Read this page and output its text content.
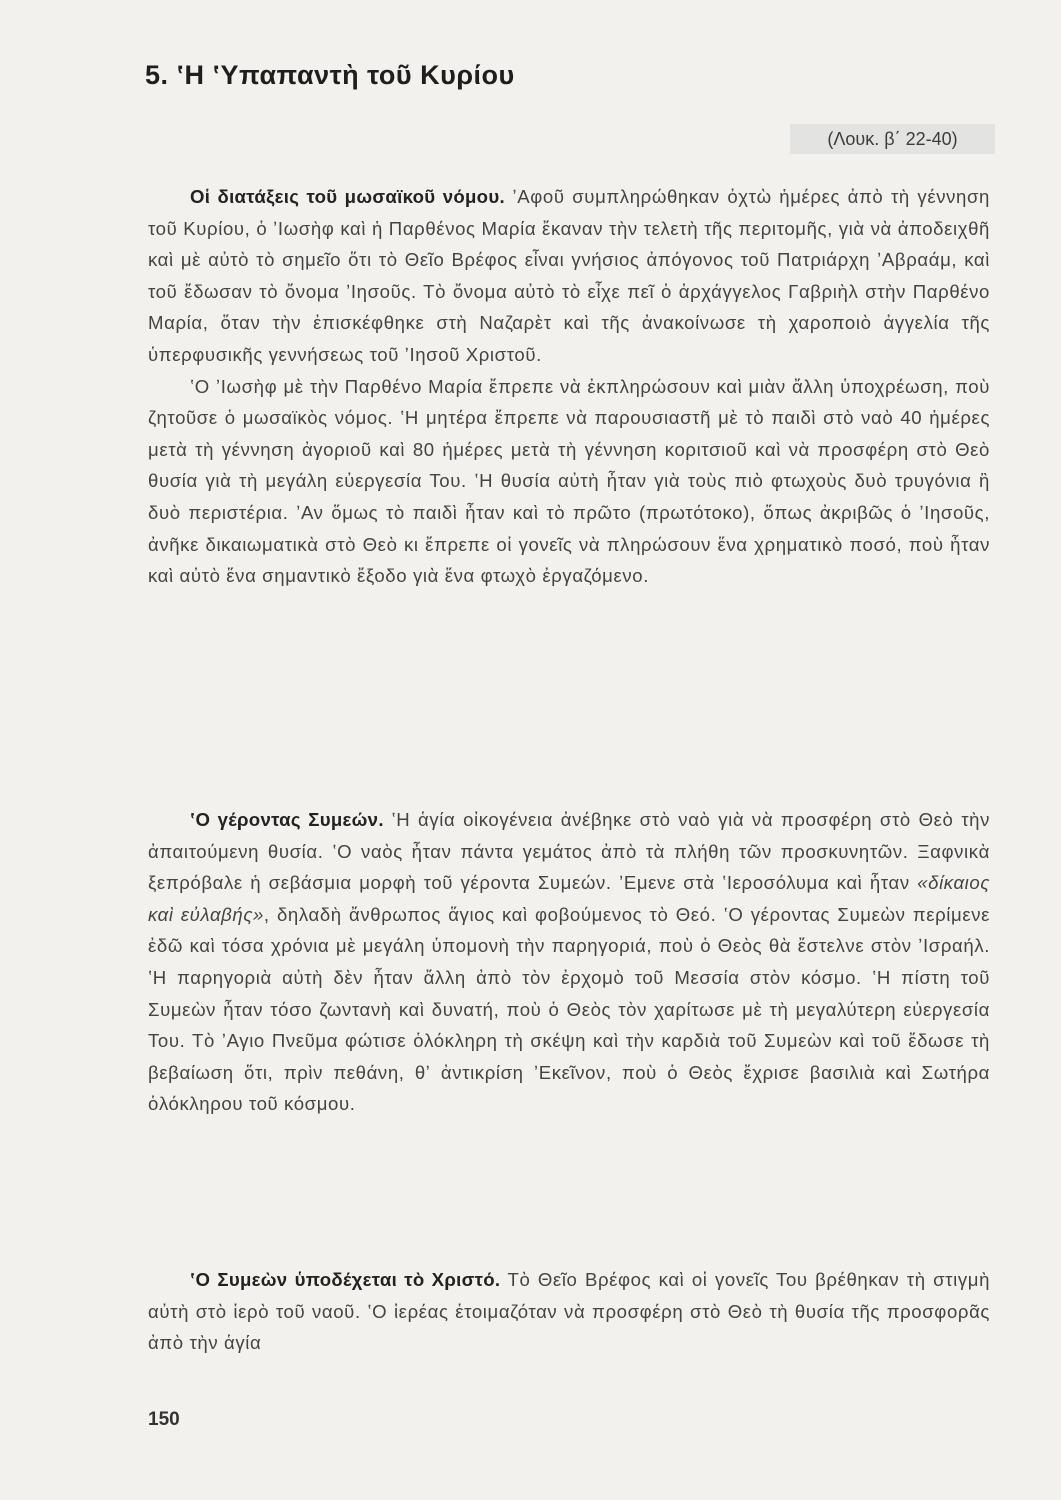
5. ʽΗ ʽΥπαπαντὴ τοῦ Κυρίου
(Λουκ. β΄ 22-40)

Οἱ διατάξεις τοῦ μωσαϊκοῦ νόμου. ʼΑφοῦ συμπληρώθηκαν ὀχτὼ ἡμέρες ἀπὸ τὴ γέννηση τοῦ Κυρίου, ὁ ʼΙωσὴφ καὶ ἡ Παρθένος Μαρία ἔκαναν τὴν τελετὴ τῆς περιτομῆς, γιὰ νὰ ἀποδειχθῆ καὶ μὲ αὐτὸ τὸ σημεῖο ὅτι τὸ Θεῖο Βρέφος εἶναι γνήσιος ἀπόγονος τοῦ Πατριάρχη ʼΑβραάμ, καὶ τοῦ ἔδωσαν τὸ ὄνομα ʼΙησοῦς. Τὸ ὄνομα αὐτὸ τὸ εἶχε πεῖ ὁ ἀρχάγγελος Γαβριὴλ στὴν Παρθένο Μαρία, ὅταν τὴν ἐπισκέφθηκε στὴ Ναζαρὲτ καὶ τῆς ἀνακοίνωσε τὴ χαροποιὸ ἀγγελία τῆς ὑπερφυσικῆς γεννήσεως τοῦ ʼΙησοῦ Χριστοῦ.

ʽΟ ʼΙωσὴφ μὲ τὴν Παρθένο Μαρία ἔπρεπε νὰ ἐκπληρώσουν καὶ μιὰν ἄλλη ὑποχρέωση, ποὺ ζητοῦσε ὁ μωσαϊκὸς νόμος. ʽΗ μητέρα ἔπρεπε νὰ παρουσιαστῆ μὲ τὸ παιδὶ στὸ ναὸ 40 ἡμέρες μετὰ τὴ γέννηση ἀγοριοῦ καὶ 80 ἡμέρες μετὰ τὴ γέννηση κοριτσιοῦ καὶ νὰ προσφέρη στὸ Θεὸ θυσία γιὰ τὴ μεγάλη εὐεργεσία Του. ʽΗ θυσία αὐτὴ ἦταν γιὰ τοὺς πιὸ φτωχοὺς δυὸ τρυγόνια ἢ δυὸ περιστέρια. ʼΑν ὅμως τὸ παιδὶ ἦταν καὶ τὸ πρῶτο (πρωτότοκο), ὅπως ἀκριβῶς ὁ ʼΙησοῦς, ἀνῆκε δικαιωματικὰ στὸ Θεὸ κι ἔπρεπε οἱ γονεῖς νὰ πληρώσουν ἕνα χρηματικὸ ποσό, ποὺ ἦταν καὶ αὐτὸ ἕνα σημαντικὸ ἔξοδο γιὰ ἕνα φτωχὸ ἐργαζόμενο.

ʽΟ γέροντας Συμεών. ʽΗ ἁγία οἰκογένεια ἀνέβηκε στὸ ναὸ γιὰ νὰ προσφέρη στὸ Θεὸ τὴν ἀπαιτούμενη θυσία. ʽΟ ναὸς ἦταν πάντα γεμάτος ἀπὸ τὰ πλήθη τῶν προσκυνητῶν. Ξαφνικὰ ξεπρόβαλε ἡ σεβάσμια μορφὴ τοῦ γέροντα Συμεών. ʼΕμενε στὰ ʽΙεροσόλυμα καὶ ἦταν «δίκαιος καὶ εὐλαβής», δηλαδὴ ἄνθρωπος ἅγιος καὶ φοβούμενος τὸ Θεό. ʽΟ γέροντας Συμεὼν περίμενε ἐδῶ καὶ τόσα χρόνια μὲ μεγάλη ὑπομονὴ τὴν παρηγοριά, ποὺ ὁ Θεὸς θὰ ἔστελνε στὸν ʼΙσραήλ. ʽΗ παρηγοριὰ αὐτὴ δὲν ἦταν ἄλλη ἀπὸ τὸν ἐρχομὸ τοῦ Μεσσία στὸν κόσμο. ʽΗ πίστη τοῦ Συμεὼν ἦταν τόσο ζωντανὴ καὶ δυνατή, ποὺ ὁ Θεὸς τὸν χαρίτωσε μὲ τὴ μεγαλύτερη εὐεργεσία Του. Τὸ ʼΑγιο Πνεῦμα φώτισε ὁλόκληρη τὴ σκέψη καὶ τὴν καρδιὰ τοῦ Συμεὼν καὶ τοῦ ἔδωσε τὴ βεβαίωση ὅτι, πρὶν πεθάνη, θʼ ἀντικρίση ʼΕκεῖνον, ποὺ ὁ Θεὸς ἔχρισε βασιλιὰ καὶ Σωτήρα ὁλόκληρου τοῦ κόσμου.

ʽΟ Συμεὼν ὑποδέχεται τὸ Χριστό. Τὸ Θεῖο Βρέφος καὶ οἱ γονεῖς Του βρέθηκαν τὴ στιγμὴ αὐτὴ στὸ ἱερὸ τοῦ ναοῦ. ʽΟ ἱερέας ἑτοιμαζόταν νὰ προσφέρη στὸ Θεὸ τὴ θυσία τῆς προσφορᾶς ἀπὸ τὴν ἁγία

150
